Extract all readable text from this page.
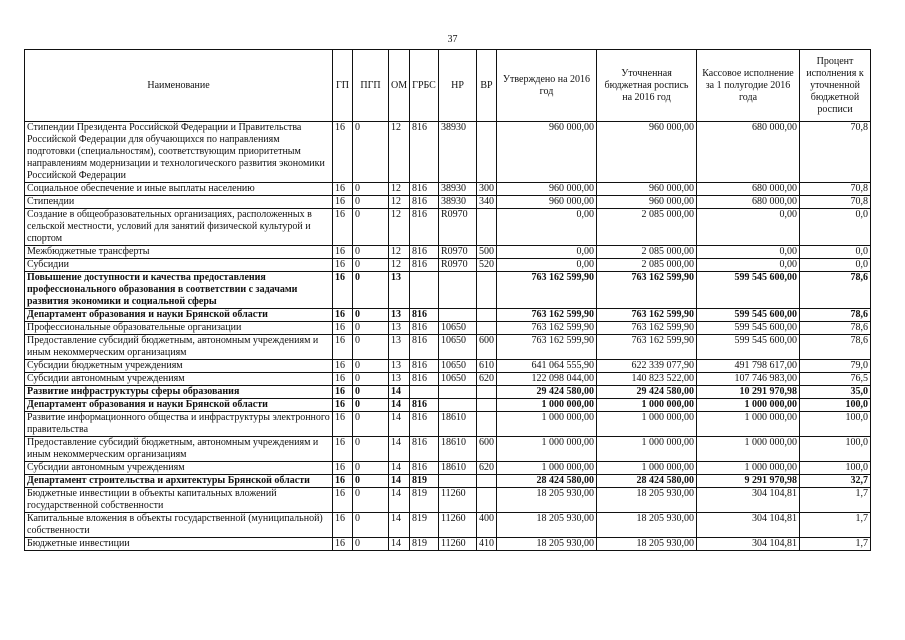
37
Наименование	ГП	ПГП	ОМ	ГРБС	НР	ВР	Утверждено на 2016 год	Уточненная бюджетная роспись на 2016 год	Кассовое исполнение за 1 полугодие 2016 года	Процент исполнения к уточненной бюджетной росписи
Стипендии Президента Российской Федерации и Правительства Российской Федерации для обучающихся по направлениям подготовки (специальностям), соответствующим приоритетным направлениям модернизации и технологического развития экономики Российской Федерации	16	0	12	816	38930		960 000,00	960 000,00	680 000,00	70,8
Социальное обеспечение и иные выплаты населению	16	0	12	816	38930	300	960 000,00	960 000,00	680 000,00	70,8
Стипендии	16	0	12	816	38930	340	960 000,00	960 000,00	680 000,00	70,8
Создание в общеобразовательных организациях, расположенных в сельской местности, условий для занятий физической культурой и спортом	16	0	12	816	R0970		0,00	2 085 000,00	0,00	0,0
Межбюджетные трансферты	16	0	12	816	R0970	500	0,00	2 085 000,00	0,00	0,0
Субсидии	16	0	12	816	R0970	520	0,00	2 085 000,00	0,00	0,0
Повышение доступности и качества предоставления профессионального образования в соответствии с задачами развития экономики и социальной сферы	16	0	13				763 162 599,90	763 162 599,90	599 545 600,00	78,6
Департамент образования и науки Брянской области	16	0	13	816			763 162 599,90	763 162 599,90	599 545 600,00	78,6
Профессиональные образовательные организации	16	0	13	816	10650		763 162 599,90	763 162 599,90	599 545 600,00	78,6
Предоставление субсидий бюджетным, автономным учреждениям и иным некоммерческим организациям	16	0	13	816	10650	600	763 162 599,90	763 162 599,90	599 545 600,00	78,6
Субсидии бюджетным учреждениям	16	0	13	816	10650	610	641 064 555,90	622 339 077,90	491 798 617,00	79,0
Субсидии автономным учреждениям	16	0	13	816	10650	620	122 098 044,00	140 823 522,00	107 746 983,00	76,5
Развитие инфраструктуры сферы образования	16	0	14				29 424 580,00	29 424 580,00	10 291 970,98	35,0
Департамент образования и науки Брянской области	16	0	14	816			1 000 000,00	1 000 000,00	1 000 000,00	100,0
Развитие информационного общества и инфраструктуры электронного правительства	16	0	14	816	18610		1 000 000,00	1 000 000,00	1 000 000,00	100,0
Предоставление субсидий бюджетным, автономным учреждениям и иным некоммерческим организациям	16	0	14	816	18610	600	1 000 000,00	1 000 000,00	1 000 000,00	100,0
Субсидии автономным учреждениям	16	0	14	816	18610	620	1 000 000,00	1 000 000,00	1 000 000,00	100,0
Департамент строительства и архитектуры Брянской области	16	0	14	819			28 424 580,00	28 424 580,00	9 291 970,98	32,7
Бюджетные инвестиции в объекты капитальных вложений государственной собственности	16	0	14	819	11260		18 205 930,00	18 205 930,00	304 104,81	1,7
Капитальные вложения в объекты государственной (муниципальной) собственности	16	0	14	819	11260	400	18 205 930,00	18 205 930,00	304 104,81	1,7
Бюджетные инвестиции	16	0	14	819	11260	410	18 205 930,00	18 205 930,00	304 104,81	1,7
